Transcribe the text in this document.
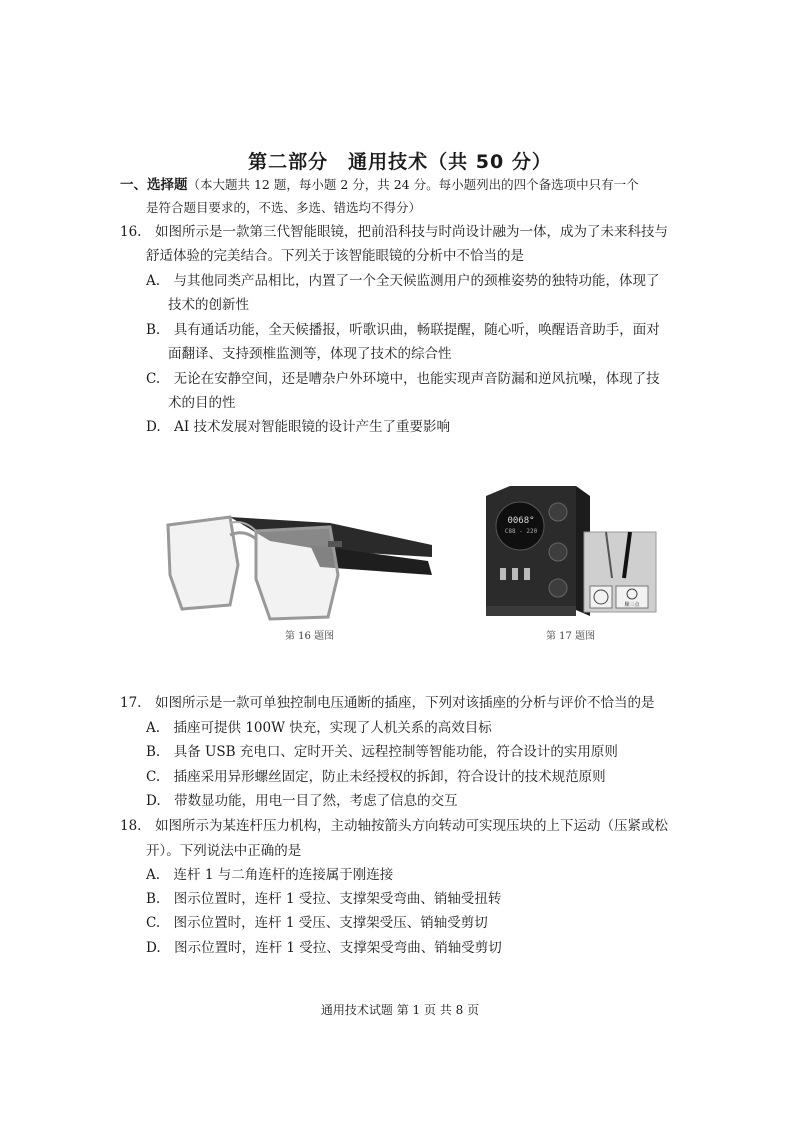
第二部分　通用技术（共 50 分）
一、选择题（本大题共 12 题，每小题 2 分，共 24 分。每小题列出的四个备选项中只有一个
是符合题目要求的，不选、多选、错选均不得分）
16.　如图所示是一款第三代智能眼镜，把前沿科技与时尚设计融为一体，成为了未来科技与
舒适体验的完美结合。下列关于该智能眼镜的分析中不恰当的是
A.　与其他同类产品相比，内置了一个全天候监测用户的颈椎姿势的独特功能，体现了
技术的创新性
B.　具有通话功能，全天候播报，听歌识曲，畅联提醒，随心听，唤醒语音助手，面对
面翻译、支持颈椎监测等，体现了技术的综合性
C.　无论在安静空间，还是嘈杂户外环境中，也能实现声音防漏和逆风抗噪，体现了技
术的目的性
D.　AI 技术发展对智能眼镜的设计产生了重要影响
第 16 题图
0068°
C88 - 220
顺三点
第 17 题图
17.　如图所示是一款可单独控制电压通断的插座，下列对该插座的分析与评价不恰当的是
A.　插座可提供 100W 快充，实现了人机关系的高效目标
B.　具备 USB 充电口、定时开关、远程控制等智能功能，符合设计的实用原则
C.　插座采用异形螺丝固定，防止未经授权的拆卸，符合设计的技术规范原则
D.　带数显功能，用电一目了然，考虑了信息的交互
18.　如图所示为某连杆压力机构，主动轴按箭头方向转动可实现压块的上下运动（压紧或松
开）。下列说法中正确的是
A.　连杆 1 与二角连杆的连接属于刚连接
B.　图示位置时，连杆 1 受拉、支撑架受弯曲、销轴受扭转
C.　图示位置时，连杆 1 受压、支撑架受压、销轴受剪切
D.　图示位置时，连杆 1 受拉、支撑架受弯曲、销轴受剪切
通用技术试题 第 1 页 共 8 页
